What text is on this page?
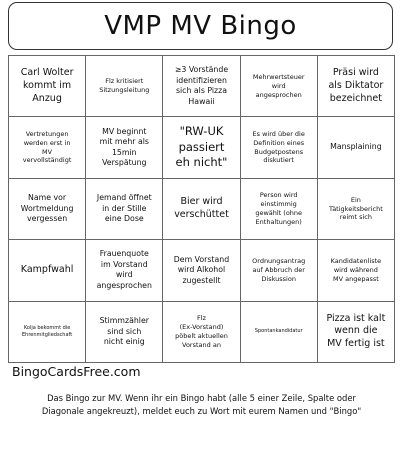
VMP MV Bingo
Carl Wolter
kommt im
Anzug
Flz kritisiert
Sitzungsleitung
≥3 Vorstände
identifizieren
sich als Pizza
Hawaii
Mehrwertsteuer
wird
angesprochen
Präsi wird
als Diktator
bezeichnet
Vertretungen
werden erst in
MV
vervollständigt
MV beginnt
mit mehr als
15min
Verspätung
"RW-UK
passiert
eh nicht"
Es wird über die
Definition eines
Budgetpostens
diskutiert
Mansplaining
Name vor
Wortmeldung
vergessen
Jemand öffnet
in der Stille
eine Dose
Bier wird
verschüttet
Person wird
einstimmig
gewählt (ohne
Enthaltungen)
Ein
Tätigkeitsbericht
reimt sich
Kampfwahl
Frauenquote
im Vorstand
wird
angesprochen
Dem Vorstand
wird Alkohol
zugestellt
Ordnungsantrag
auf Abbruch der
Diskussion
Kandidatenliste
wird während
MV angepasst
Kolja bekommt die
Ehrenmitgliedschaft
Stimmzähler
sind sich
nicht einig
Flz
(Ex-Vorstand)
pöbelt aktuellen
Vorstand an
Spontankandidatur
Pizza ist kalt
wenn die
MV fertig ist
BingoCardsFree.com
Das Bingo zur MV. Wenn ihr ein Bingo habt (alle 5 einer Zeile, Spalte oder
Diagonale angekreuzt), meldet euch zu Wort mit eurem Namen und "Bingo"
